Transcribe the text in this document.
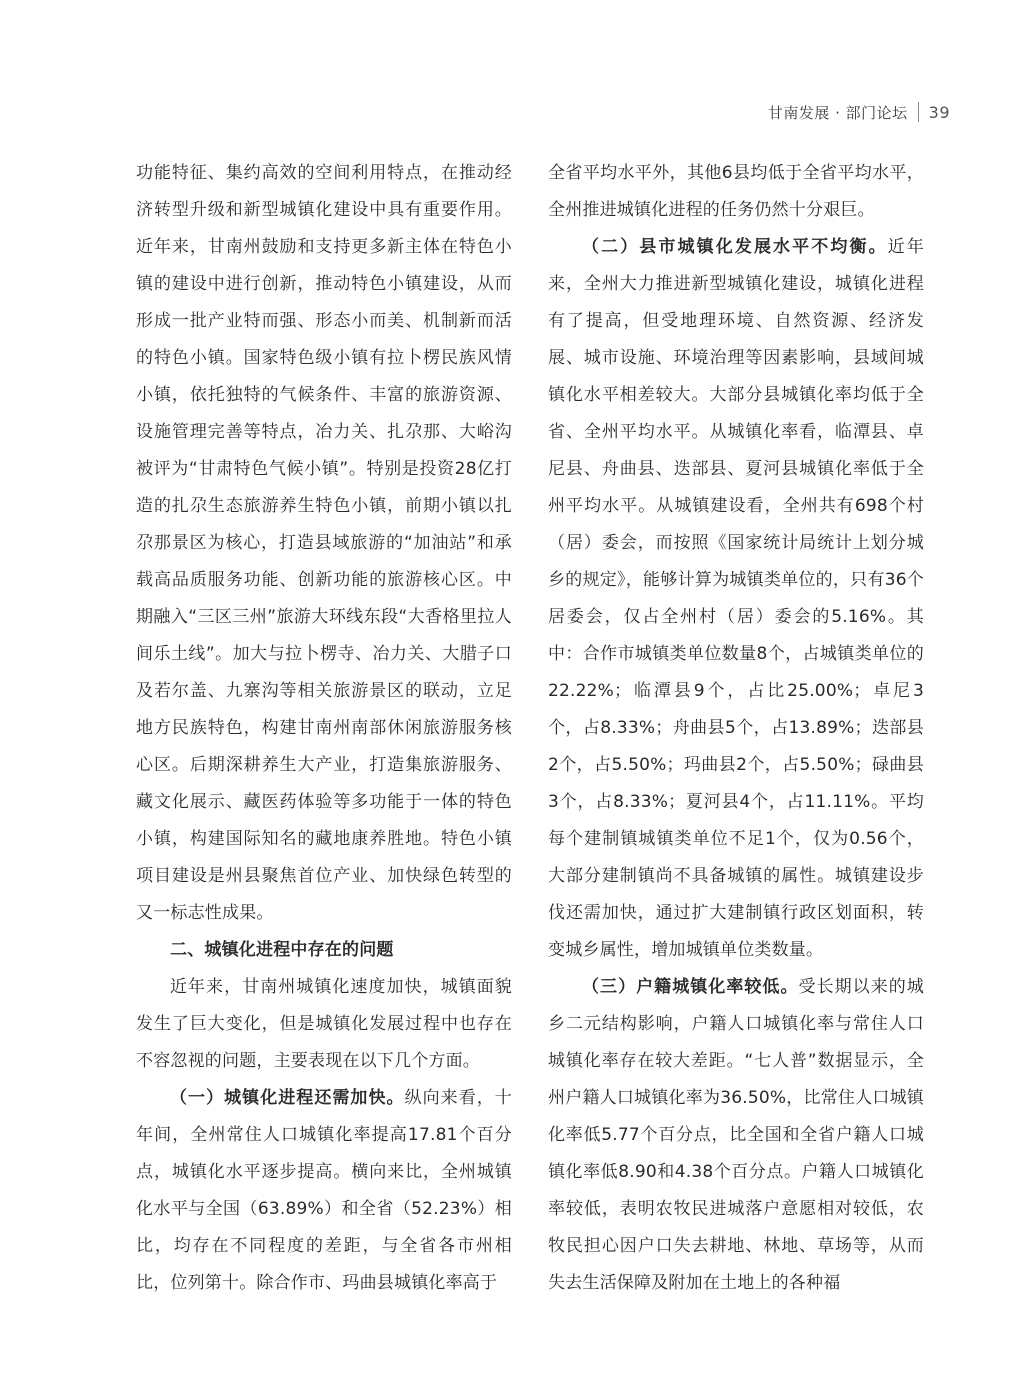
甘南发展 · 部门论坛 39

功能特征、集约高效的空间利用特点，在推动经济转型升级和新型城镇化建设中具有重要作用。近年来，甘南州鼓励和支持更多新主体在特色小镇的建设中进行创新，推动特色小镇建设，从而形成一批产业特而强、形态小而美、机制新而活的特色小镇。国家特色级小镇有拉卜楞民族风情小镇，依托独特的气候条件、丰富的旅游资源、设施管理完善等特点，冶力关、扎尕那、大峪沟被评为“甘肃特色气候小镇”。特别是投资28亿打造的扎尕生态旅游养生特色小镇，前期小镇以扎尕那景区为核心，打造县域旅游的“加油站”和承载高品质服务功能、创新功能的旅游核心区。中期融入“三区三州”旅游大环线东段“大香格里拉人间乐土线”。加大与拉卜楞寺、冶力关、大腊子口及若尔盖、九寨沟等相关旅游景区的联动，立足地方民族特色，构建甘南州南部休闲旅游服务核心区。后期深耕养生大产业，打造集旅游服务、藏文化展示、藏医药体验等多功能于一体的特色小镇，构建国际知名的藏地康养胜地。特色小镇项目建设是州县聚焦首位产业、加快绿色转型的又一标志性成果。

二、城镇化进程中存在的问题

近年来，甘南州城镇化速度加快，城镇面貌发生了巨大变化，但是城镇化发展过程中也存在不容忽视的问题，主要表现在以下几个方面。

（一）城镇化进程还需加快。纵向来看，十年间，全州常住人口城镇化率提高17.81个百分点，城镇化水平逐步提高。横向来比，全州城镇化水平与全国（63.89%）和全省（52.23%）相比，均存在不同程度的差距，与全省各市州相比，位列第十。除合作市、玛曲县城镇化率高于

全省平均水平外，其他6县均低于全省平均水平，全州推进城镇化进程的任务仍然十分艰巨。

（二）县市城镇化发展水平不均衡。近年来，全州大力推进新型城镇化建设，城镇化进程有了提高，但受地理环境、自然资源、经济发展、城市设施、环境治理等因素影响，县域间城镇化水平相差较大。大部分县城镇化率均低于全省、全州平均水平。从城镇化率看，临潭县、卓尼县、舟曲县、迭部县、夏河县城镇化率低于全州平均水平。从城镇建设看，全州共有698个村（居）委会，而按照《国家统计局统计上划分城乡的规定》，能够计算为城镇类单位的，只有36个居委会，仅占全州村（居）委会的5.16%。其中：合作市城镇类单位数量8个，占城镇类单位的22.22%；临潭县9个，占比25.00%；卓尼3个，占8.33%；舟曲县5个，占13.89%；迭部县2个，占5.50%；玛曲县2个，占5.50%；碌曲县3个，占8.33%；夏河县4个，占11.11%。平均每个建制镇城镇类单位不足1个，仅为0.56个，大部分建制镇尚不具备城镇的属性。城镇建设步伐还需加快，通过扩大建制镇行政区划面积，转变城乡属性，增加城镇单位类数量。

（三）户籍城镇化率较低。受长期以来的城乡二元结构影响，户籍人口城镇化率与常住人口城镇化率存在较大差距。“七人普”数据显示，全州户籍人口城镇化率为36.50%，比常住人口城镇化率低5.77个百分点，比全国和全省户籍人口城镇化率低8.90和4.38个百分点。户籍人口城镇化率较低，表明农牧民进城落户意愿相对较低，农牧民担心因户口失去耕地、林地、草场等，从而失去生活保障及附加在土地上的各种福
